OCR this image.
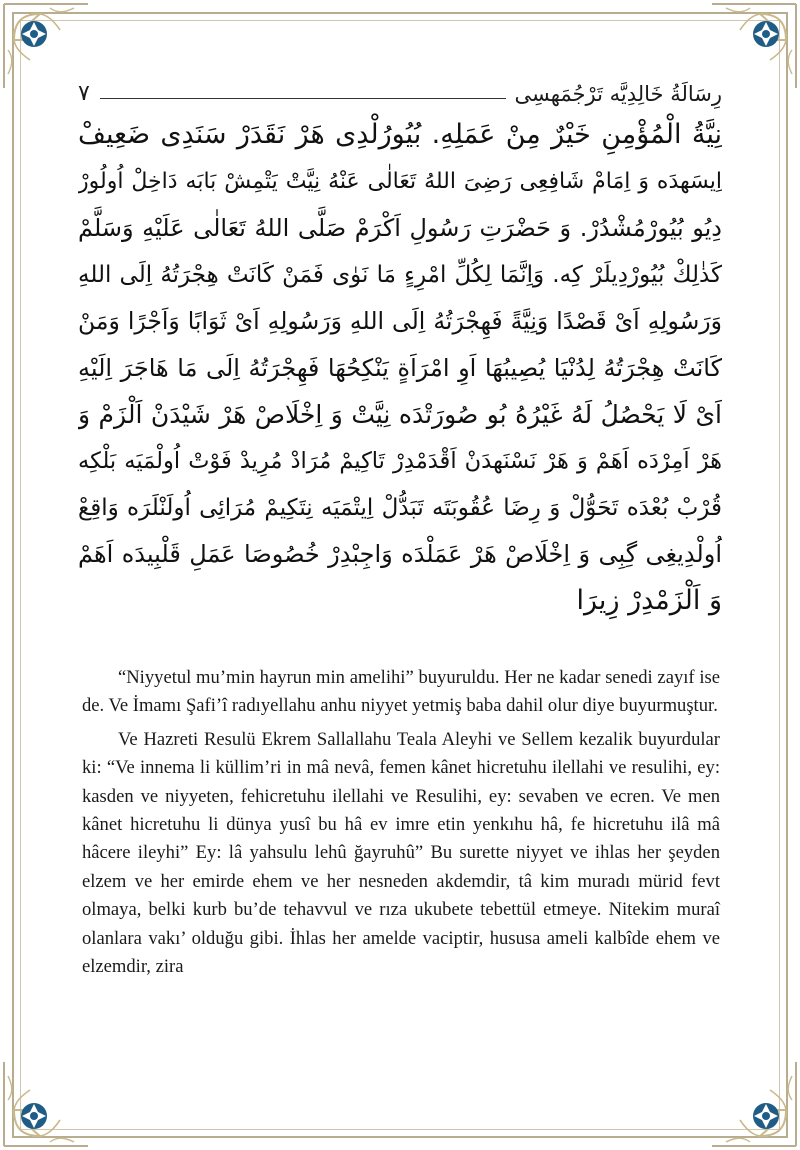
رِسَالَةُ خَالِدِيَّه تَرْجُمَهسِى
٧
نِيَّةُ الْمُؤْمِنِ خَيْرٌ مِنْ عَمَلِهِ. بُيُورُلْدِى هَرْ نَقَدَرْ سَنَدِى ضَعِيفْ
اِيسَهدَه وَ اِمَامْ شَافِعِى رَضِىَ اللهُ تَعَالٰى عَنْهُ نِيَّتْ يَتْمِشْ بَابَه دَاخِلْ اُولُورْ
دِيُو بُيُورْمُشْدُرْ. وَ حَضْرَتِ رَسُولِ اَكْرَمْ صَلَّى اللهُ تَعَالٰى عَلَيْهِ وَسَلَّمْ
كَذٰلِكْ بُيُورْدِيلَرْ كِه. وَاِنَّمَا لِكُلِّ امْرِءٍ مَا نَوٰى فَمَنْ كَانَتْ هِجْرَتُهُ اِلَى اللهِ
وَرَسُولِهِ اَىْ قَصْدًا وَنِيَّةً فَهِجْرَتُهُ اِلَى اللهِ وَرَسُولِهِ اَىْ ثَوَابًا وَاَجْرًا وَمَنْ
كَانَتْ هِجْرَتُهُ لِدُنْيَا يُصِيبُهَا اَوِ امْرَاَةٍ يَنْكِحُهَا فَهِجْرَتُهُ اِلَى مَا هَاجَرَ اِلَيْهِ
اَىْ لَا يَحْصُلُ لَهُ غَيْرُهُ بُو صُورَتْدَه نِيَّتْ وَ اِخْلَاصْ هَرْ شَيْدَنْ اَلْزَمْ وَ
هَرْ اَمِرْدَه اَهَمْ وَ هَرْ نَسْنَهدَنْ اَقْدَمْدِرْ تَاكِيمْ مُرَادْ مُرِيدْ فَوْتْ اُولْمَيَه بَلْكِه
قُرْبْ بُعْدَه تَحَوُّلْ وَ رِضَا عُقُوبَتَه تَبَدُّلْ اِيتْمَيَه نِتَكِيمْ مُرَائِى اُولَنْلَرَه وَاقِعْ
اُولْدِيغِى گِبِى وَ اِخْلَاصْ هَرْ عَمَلْدَه وَاجِبْدِرْ خُصُوصَا عَمَلِ قَلْبِيدَه اَهَمْ
وَ اَلْزَمْدِرْ زِيرَا

“Niyyetul mu’min hayrun min amelihi” buyuruldu. Her ne kadar senedi zayıf ise de. Ve İmamı Şafi’î radıyellahu anhu niyyet yetmiş baba dahil olur diye buyurmuştur.

Ve Hazreti Resulü Ekrem Sallallahu Teala Aleyhi ve Sellem kezalik buyurdular ki: “Ve innema li küllim’ri in mâ nevâ, femen kânet hicretuhu ilellahi ve resulihi, ey: kasden ve niyyeten, fehicretuhu ilellahi ve Resulihi, ey: sevaben ve ecren. Ve men kânet hicretuhu li dünya yusî bu hâ ev imre etin yenkıhu hâ, fe hicretuhu ilâ mâ hâcere ileyhi” Ey: lâ yahsulu lehû ğayruhû” Bu surette niyyet ve ihlas her şeyden elzem ve her emirde ehem ve her nesneden akdemdir, tâ kim muradı mürid fevt olmaya, belki kurb bu’de tehavvul ve rıza ukubete tebettül etmeye. Nitekim muraî olanlara vakı’ olduğu gibi. İhlas her amelde vaciptir, hususa ameli kalbîde ehem ve elzemdir, zira
